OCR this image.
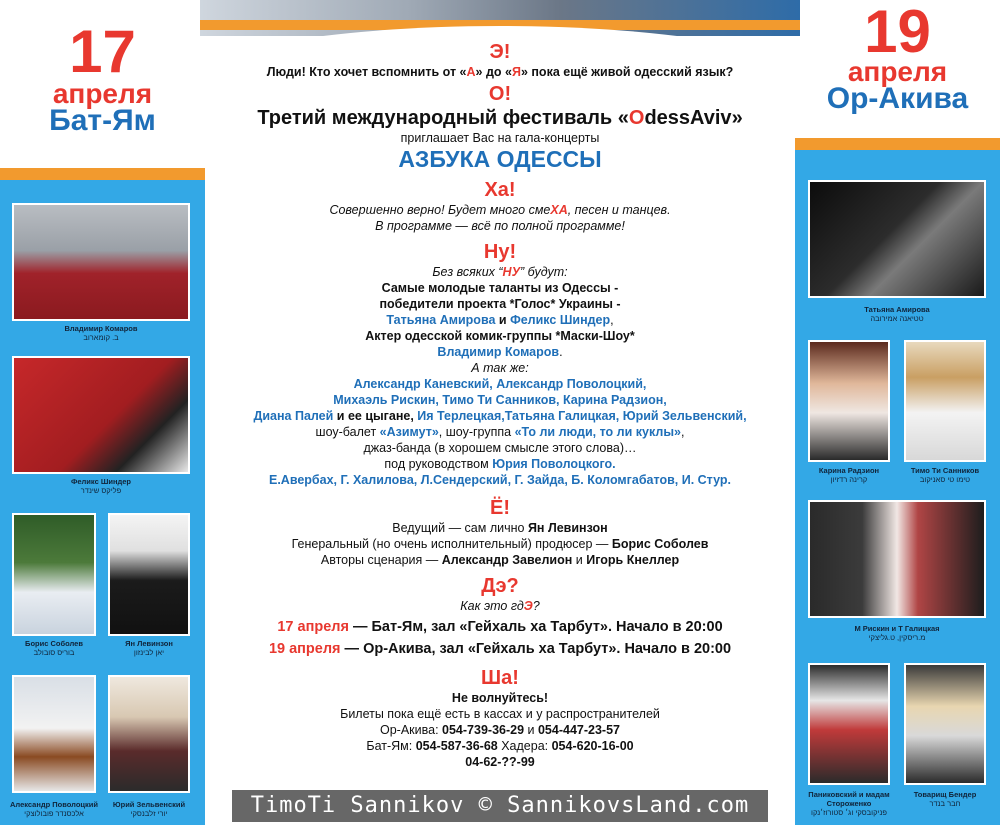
17
апреля
Бат-Ям
Владимир Комаров
ב. קומארוב
Феликс Шиндер
פליקס שינדר
Борис Соболев
בוריס סובולב
Ян Левинзон
יאן לבינזון
Александр Поволоцкий
אלכסנדר פובולוצקי
Юрий Зельвенский
יורי זלבנסקי
19
апреля
Ор-Акива
Татьяна Амирова
טטיאנה אמירובה
Карина Радзион
קרינה רדזיון
Тимо Ти Санников
טימו טי סאניקוב
М Рискин и Т Галицкая
מ.ריסקין, ט.גליצקי
Паниковский и мадам Стороженко
פניקובסקי וג׳ סטורוז׳נקו
Товарищ Бендер
חבר בנדר
Э!
Люди! Кто хочет вспомнить от «А» до «Я» пока ещё живой одесский язык?
О!
Третий международный фестиваль «OdessAviv»
приглашает Вас на гала-концерты
АЗБУКА ОДЕССЫ
Ха!
Совершенно верно! Будет много смеХА, песен и танцев.
В программе — всё по полной программе!
Ну!
Без всяких “НУ” будут:
Самые молодые таланты из Одессы -
победители проекта *Голос* Украины -
Татьяна Амирова и Феликс Шиндер,
Актер одесской комик-группы *Маски-Шоу*
Владимир Комаров.
А так же:
Александр Каневский, Александр Поволоцкий,
Михаэль Рискин, Тимо Ти Санников, Карина Радзион,
Диана Палей и ее цыгане, Ия Терлецкая,Татьяна Галицкая, Юрий Зельвенский,
шоу-балет «Азимут», шоу-группа «То ли люди, то ли куклы»,
джаз-банда (в хорошем смысле этого слова)…
под руководством Юрия Поволоцкого.
Е.Авербах, Г. Халилова, Л.Сендерский, Г. Зайда, Б. Коломгабатов, И. Стур.
Ё!
Ведущий — сам лично Ян Левинзон
Генеральный (но очень исполнительный) продюсер — Борис Соболев
Авторы сценария — Александр Завелион и Игорь Кнеллер
Дэ?
Как это гдЭ?
17 апреля — Бат-Ям, зал «Гейхаль ха Тарбут». Начало в 20:00
19 апреля — Ор-Акива, зал «Гейхаль ха Тарбут». Начало в 20:00
Ша!
Не волнуйтесь!
Билеты пока ещё есть в кассах и у распространителей
Ор-Акива: 054-739-36-29 и 054-447-23-57
Бат-Ям: 054-587-36-68 Хадера: 054-620-16-00
04-62-??-99
TimoTi Sannikov © SannikovsLand.com
